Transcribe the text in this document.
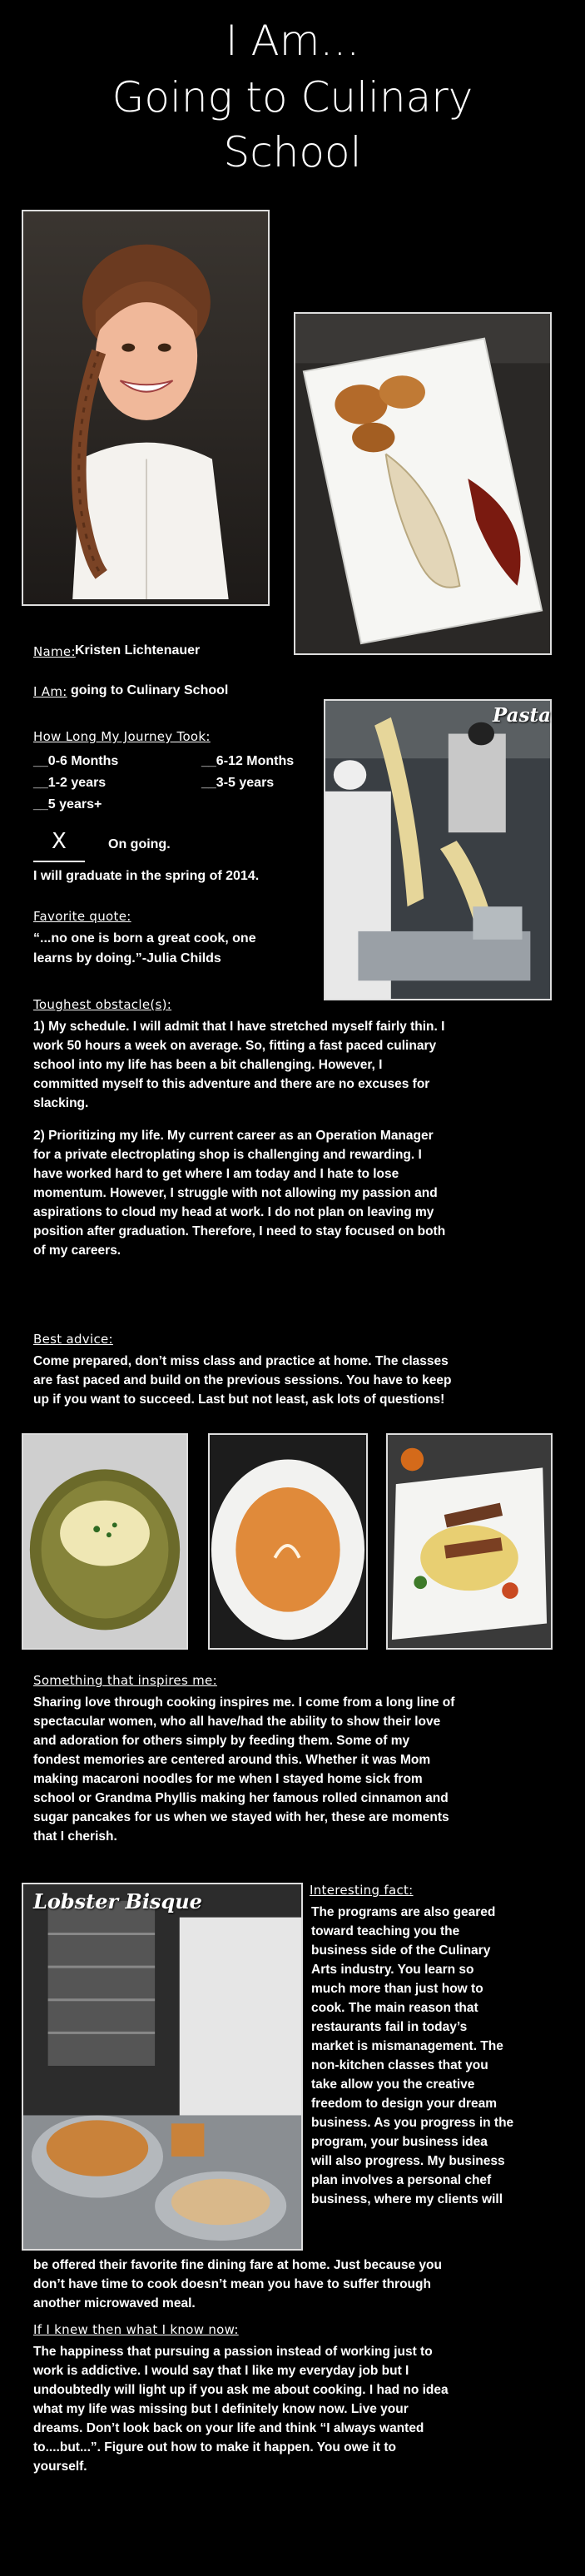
I Am...
Going to Culinary
School
Name: Kristen Lichtenauer
I Am: going to Culinary School
How Long My Journey Took:
__0-6 Months	__6-12 Months
__1-2 years	__3-5 years
__5 years+
X	On going.
I will graduate in the spring of 2014.
Favorite quote:
“...no one is born a great cook, one
learns by doing.”-Julia Childs
Pasta
Toughest obstacle(s):

1) My schedule. I will admit that I have stretched myself fairly thin. I

work 50 hours a week on average. So, fitting a fast paced culinary

school into my life has been a bit challenging. However, I

committed myself to this adventure and there are no excuses for

slacking.

2) Prioritizing my life. My current career as an Operation Manager

for a private electroplating shop is challenging and rewarding. I

have worked hard to get where I am today and I hate to lose

momentum. However, I struggle with not allowing my passion and

aspirations to cloud my head at work. I do not plan on leaving my

position after graduation. Therefore, I need to stay focused on both

of my careers.

Best advice:

Come prepared, don’t miss class and practice at home. The classes

are fast paced and build on the previous sessions. You have to keep

up if you want to succeed. Last but not least, ask lots of questions!

Something that inspires me:

Sharing love through cooking inspires me. I come from a long line of

spectacular women, who all have/had the ability to show their love

and adoration for others simply by feeding them. Some of my

fondest memories are centered around this. Whether it was Mom

making macaroni noodles for me when I stayed home sick from

school or Grandma Phyllis making her famous rolled cinnamon and

sugar pancakes for us when we stayed with her, these are moments

that I cherish.

Lobster Bisque	Interesting fact:

The programs are also geared

toward teaching you the

business side of the Culinary

Arts industry. You learn so

much more than just how to

cook. The main reason that

restaurants fail in today’s

market is mismanagement. The

non-kitchen classes that you

take allow you the creative

freedom to design your dream

business. As you progress in the

program, your business idea

will also progress. My business

plan involves a personal chef

business, where my clients will

be offered their favorite fine dining fare at home. Just because you

don’t have time to cook doesn’t mean you have to suffer through

another microwaved meal.

If I knew then what I know now:

The happiness that pursuing a passion instead of working just to

work is addictive. I would say that I like my everyday job but I

undoubtedly will light up if you ask me about cooking. I had no idea

what my life was missing but I definitely know now. Live your

dreams. Don’t look back on your life and think “I always wanted

to....but...”. Figure out how to make it happen. You owe it to

yourself.
